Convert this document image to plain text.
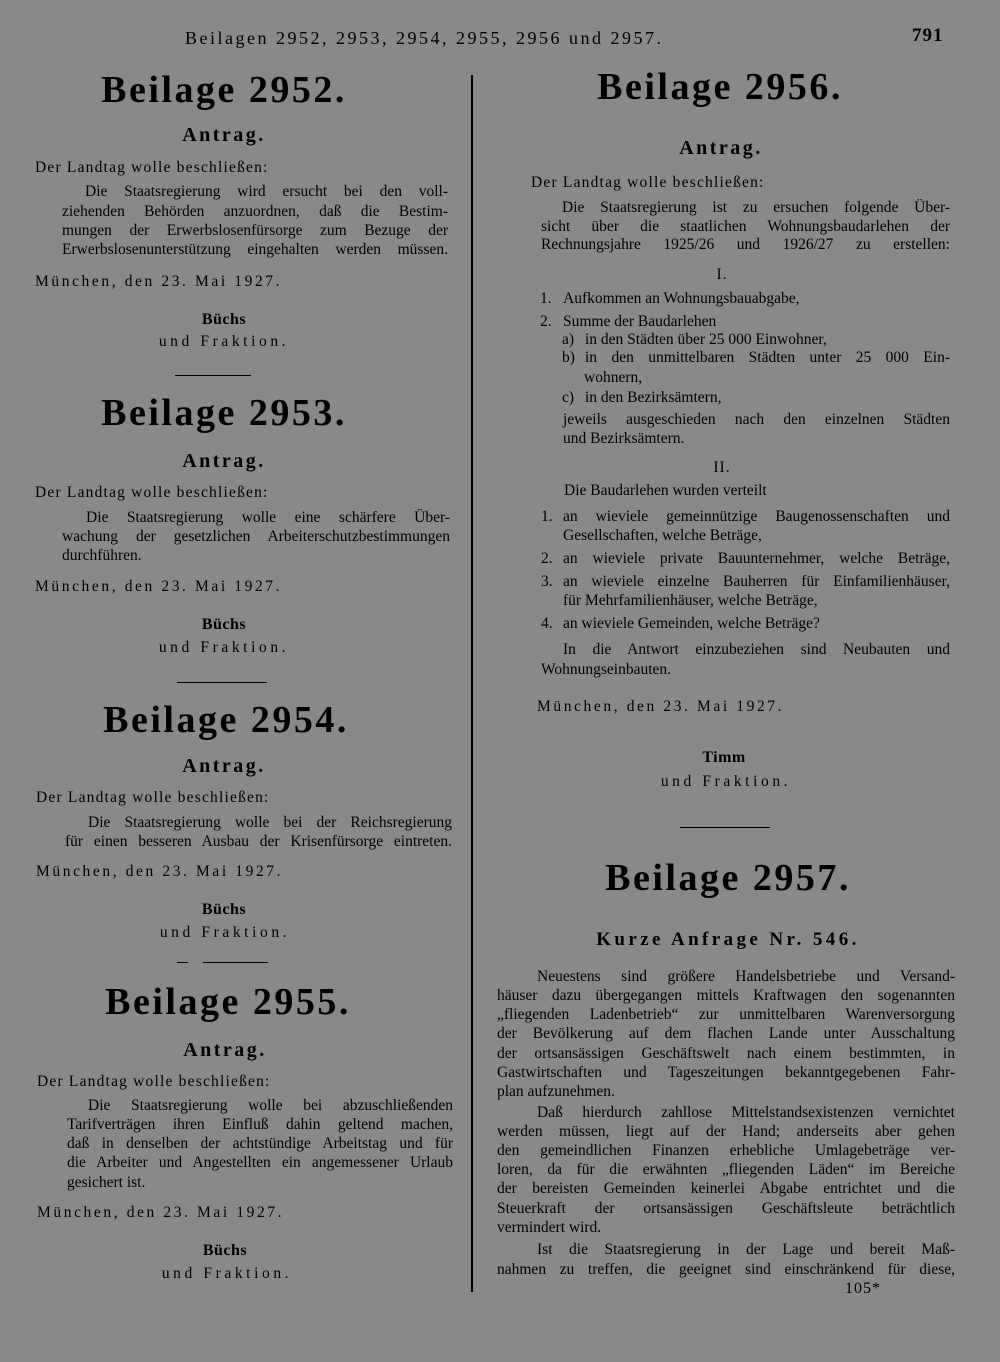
Beilagen 2952, 2953, 2954, 2955, 2956 und 2957.	791
Beilage 2952.
Antrag.
Der Landtag wolle beschließen:
Die Staatsregierung wird ersucht bei den voll-
ziehenden Behörden anzuordnen, daß die Bestim-
mungen der Erwerbslosenfürsorge zum Bezuge der
Erwerbslosenunterstützung eingehalten werden müssen.
München, den 23. Mai 1927.
Büchs
und Fraktion.
Beilage 2953.
Antrag.
Der Landtag wolle beschließen:
Die Staatsregierung wolle eine schärfere Über-
wachung der gesetzlichen Arbeiterschutzbestimmungen
durchführen.
München, den 23. Mai 1927.
Büchs
und Fraktion.
Beilage 2954.
Antrag.
Der Landtag wolle beschließen:
Die Staatsregierung wolle bei der Reichsregierung
für einen besseren Ausbau der Krisenfürsorge eintreten.
München, den 23. Mai 1927.
Büchs
und Fraktion.
Beilage 2955.
Antrag.
Der Landtag wolle beschließen:
Die Staatsregierung wolle bei abzuschließenden
Tarifverträgen ihren Einfluß dahin geltend machen,
daß in denselben der achtstündige Arbeitstag und für
die Arbeiter und Angestellten ein angemessener Urlaub
gesichert ist.
München, den 23. Mai 1927.
Büchs
und Fraktion.
Beilage 2956.
Antrag.
Der Landtag wolle beschließen:
Die Staatsregierung ist zu ersuchen folgende Über-
sicht über die staatlichen Wohnungsbaudarlehen der
Rechnungsjahre 1925/26 und 1926/27 zu erstellen:
I.
1. Aufkommen an Wohnungsbauabgabe,
2. Summe der Baudarlehen
a) in den Städten über 25 000 Einwohner,
b) in den unmittelbaren Städten unter 25 000 Ein-
wohnern,
c) in den Bezirksämtern,
jeweils ausgeschieden nach den einzelnen Städten
und Bezirksämtern.
II.
Die Baudarlehen wurden verteilt
1. an wieviele gemeinnützige Baugenossenschaften und
Gesellschaften, welche Beträge,
2. an wieviele private Bauunternehmer, welche Beträge,
3. an wieviele einzelne Bauherren für Einfamilienhäuser,
für Mehrfamilienhäuser, welche Beträge,
4. an wieviele Gemeinden, welche Beträge?
In die Antwort einzubeziehen sind Neubauten und
Wohnungseinbauten.
München, den 23. Mai 1927.
Timm
und Fraktion.
Beilage 2957.
Kurze Anfrage Nr. 546.
Neuestens sind größere Handelsbetriebe und Versand-
häuser dazu übergegangen mittels Kraftwagen den sogenannten
„fliegenden Ladenbetrieb“ zur unmittelbaren Warenversorgung
der Bevölkerung auf dem flachen Lande unter Ausschaltung
der ortsansässigen Geschäftswelt nach einem bestimmten, in
Gastwirtschaften und Tageszeitungen bekanntgegebenen Fahr-
plan aufzunehmen.
Daß hierdurch zahllose Mittelstandsexistenzen vernichtet
werden müssen, liegt auf der Hand; anderseits aber gehen
den gemeindlichen Finanzen erhebliche Umlagebeträge ver-
loren, da für die erwähnten „fliegenden Läden“ im Bereiche
der bereisten Gemeinden keinerlei Abgabe entrichtet und die
Steuerkraft der ortsansässigen Geschäftsleute beträchtlich
vermindert wird.
Ist die Staatsregierung in der Lage und bereit Maß-
nahmen zu treffen, die geeignet sind einschränkend für diese,
105*
